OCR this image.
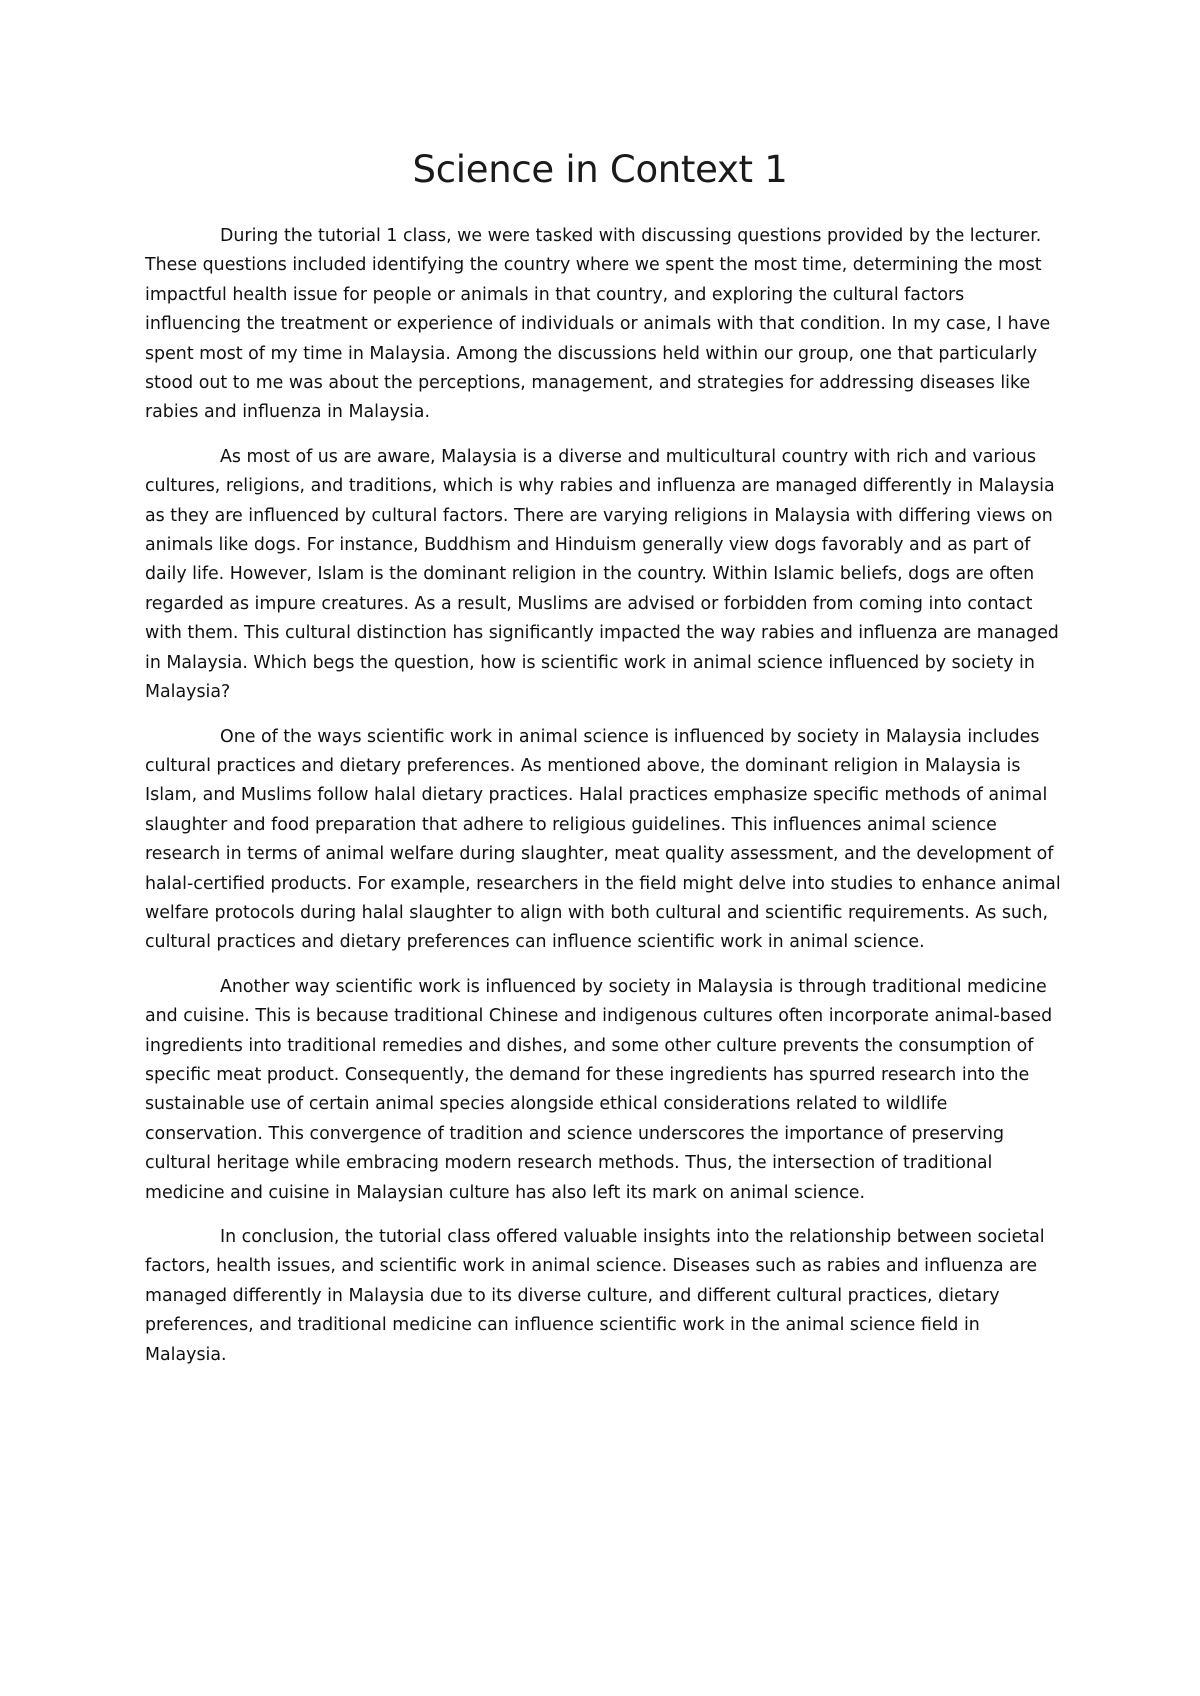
Science in Context 1

During the tutorial 1 class, we were tasked with discussing questions provided by the lecturer. These questions included identifying the country where we spent the most time, determining the most impactful health issue for people or animals in that country, and exploring the cultural factors influencing the treatment or experience of individuals or animals with that condition. In my case, I have spent most of my time in Malaysia. Among the discussions held within our group, one that particularly stood out to me was about the perceptions, management, and strategies for addressing diseases like rabies and influenza in Malaysia.

As most of us are aware, Malaysia is a diverse and multicultural country with rich and various cultures, religions, and traditions, which is why rabies and influenza are managed differently in Malaysia as they are influenced by cultural factors. There are varying religions in Malaysia with differing views on animals like dogs. For instance, Buddhism and Hinduism generally view dogs favorably and as part of daily life. However, Islam is the dominant religion in the country. Within Islamic beliefs, dogs are often regarded as impure creatures. As a result, Muslims are advised or forbidden from coming into contact with them. This cultural distinction has significantly impacted the way rabies and influenza are managed in Malaysia. Which begs the question, how is scientific work in animal science influenced by society in Malaysia?

One of the ways scientific work in animal science is influenced by society in Malaysia includes cultural practices and dietary preferences. As mentioned above, the dominant religion in Malaysia is Islam, and Muslims follow halal dietary practices. Halal practices emphasize specific methods of animal slaughter and food preparation that adhere to religious guidelines. This influences animal science research in terms of animal welfare during slaughter, meat quality assessment, and the development of halal-certified products. For example, researchers in the field might delve into studies to enhance animal welfare protocols during halal slaughter to align with both cultural and scientific requirements. As such, cultural practices and dietary preferences can influence scientific work in animal science.

Another way scientific work is influenced by society in Malaysia is through traditional medicine and cuisine. This is because traditional Chinese and indigenous cultures often incorporate animal-based ingredients into traditional remedies and dishes, and some other culture prevents the consumption of specific meat product. Consequently, the demand for these ingredients has spurred research into the sustainable use of certain animal species alongside ethical considerations related to wildlife conservation. This convergence of tradition and science underscores the importance of preserving cultural heritage while embracing modern research methods. Thus, the intersection of traditional medicine and cuisine in Malaysian culture has also left its mark on animal science.

In conclusion, the tutorial class offered valuable insights into the relationship between societal factors, health issues, and scientific work in animal science. Diseases such as rabies and influenza are managed differently in Malaysia due to its diverse culture, and different cultural practices, dietary preferences, and traditional medicine can influence scientific work in the animal science field in Malaysia.
